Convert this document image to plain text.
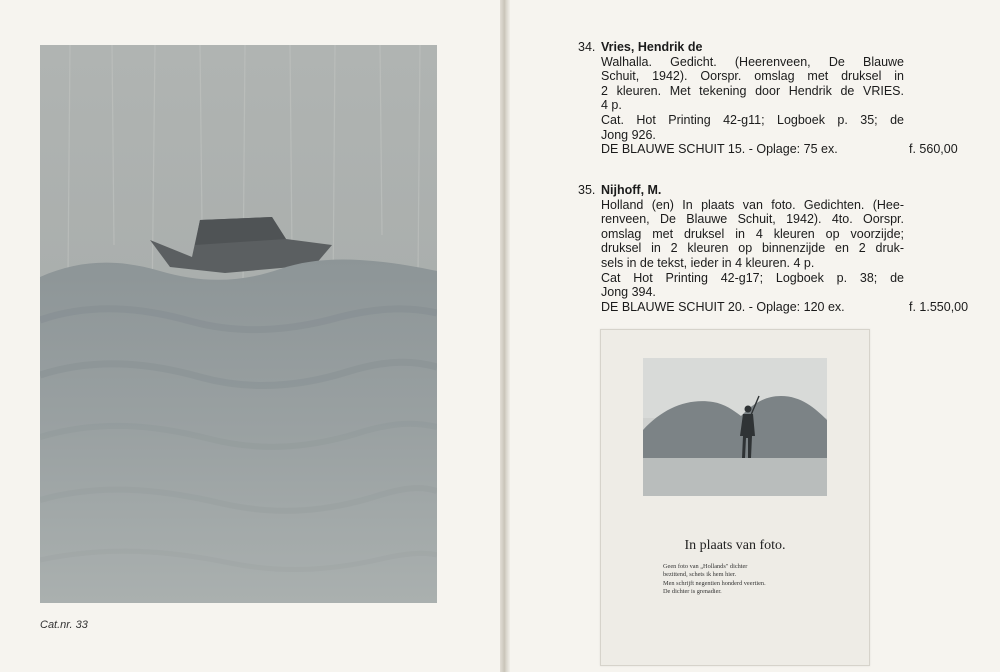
Cat.nr. 33
34. Vries, Hendrik de
Walhalla. Gedicht. (Heerenveen, De Blauwe
Schuit, 1942). Oorspr. omslag met druksel in
2 kleuren. Met tekening door Hendrik de VRIES.
4 p.
Cat. Hot Printing 42-g11; Logboek p. 35; de
Jong 926.
DE BLAUWE SCHUIT 15. - Oplage: 75 ex.	f. 560,00
35. Nijhoff, M.
Holland (en) In plaats van foto. Gedichten. (Hee-
renveen, De Blauwe Schuit, 1942). 4to. Oorspr.
omslag met druksel in 4 kleuren op voorzijde;
druksel in 2 kleuren op binnenzijde en 2 druk-
sels in de tekst, ieder in 4 kleuren. 4 p.
Cat Hot Printing 42-g17; Logboek p. 38; de
Jong 394.
DE BLAUWE SCHUIT 20. - Oplage: 120 ex.	f. 1.550,00
In plaats van foto.
Geen foto van „Hollands" dichter
bezittend, schets ik hem hier.
Men schrijft negentien honderd veertien.
De dichter is grenadier.
